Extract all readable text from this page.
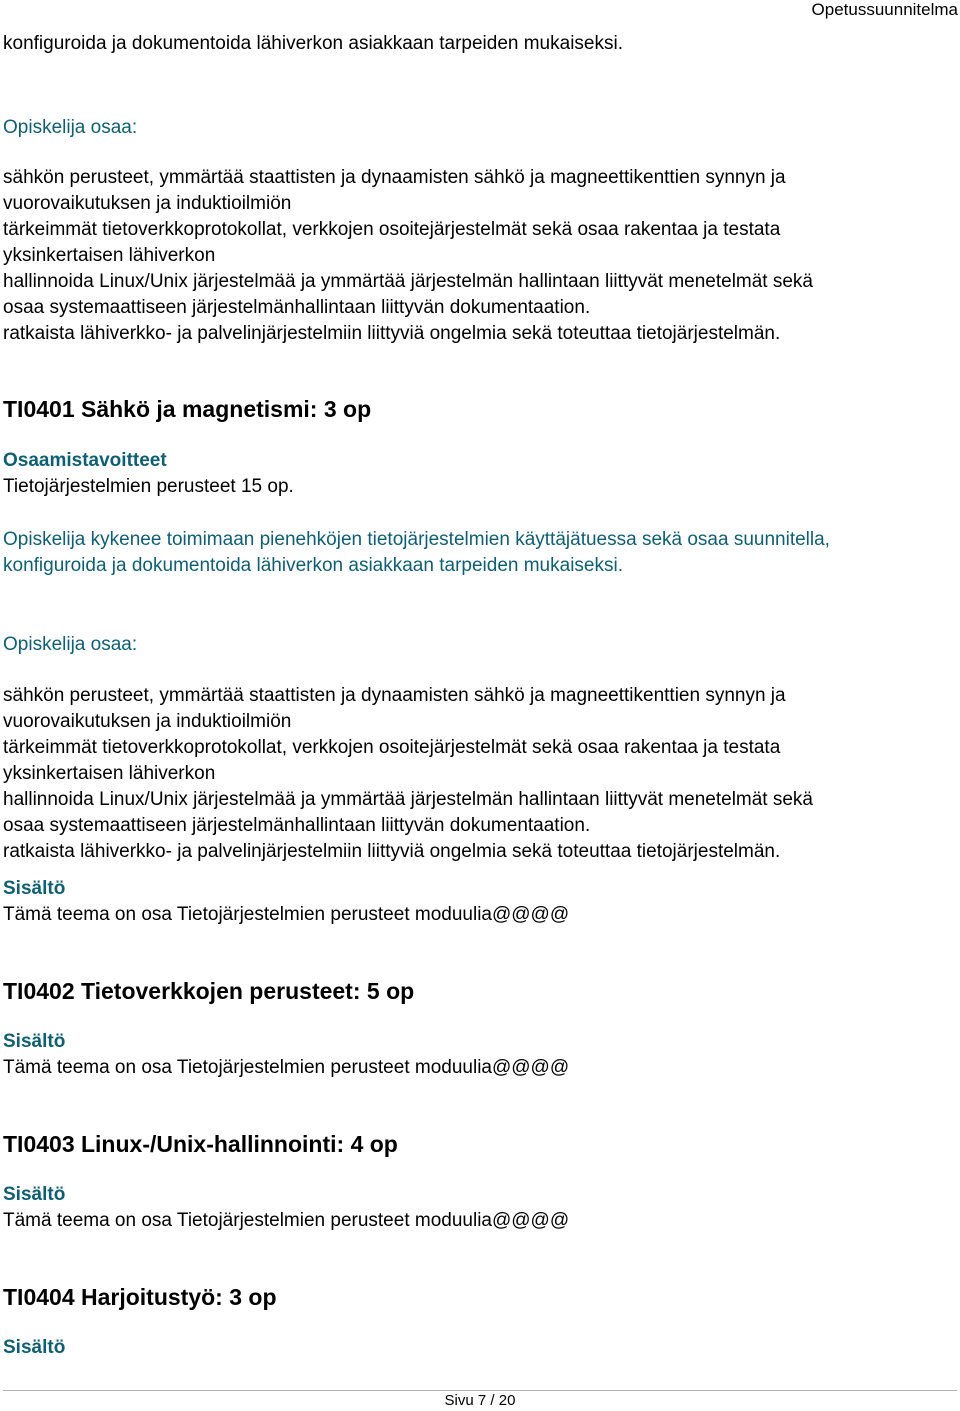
Opetussuunnitelma
konfiguroida ja dokumentoida lähiverkon asiakkaan tarpeiden mukaiseksi.
Opiskelija osaa:
sähkön perusteet, ymmärtää staattisten ja dynaamisten sähkö ja magneettikenttien synnyn ja
vuorovaikutuksen ja induktioilmiön
tärkeimmät tietoverkkoprotokollat, verkkojen osoitejärjestelmät sekä osaa rakentaa ja testata
yksinkertaisen lähiverkon
hallinnoida Linux/Unix järjestelmää ja ymmärtää järjestelmän hallintaan liittyvät menetelmät sekä
osaa systemaattiseen järjestelmänhallintaan liittyvän dokumentaation.
ratkaista lähiverkko- ja palvelinjärjestelmiin liittyviä ongelmia sekä toteuttaa tietojärjestelmän.
TI0401 Sähkö ja magnetismi: 3 op
Osaamistavoitteet
Tietojärjestelmien perusteet 15 op.
Opiskelija kykenee toimimaan pienehköjen tietojärjestelmien käyttäjätuessa sekä osaa suunnitella,
konfiguroida ja dokumentoida lähiverkon asiakkaan tarpeiden mukaiseksi.
Opiskelija osaa:
sähkön perusteet, ymmärtää staattisten ja dynaamisten sähkö ja magneettikenttien synnyn ja
vuorovaikutuksen ja induktioilmiön
tärkeimmät tietoverkkoprotokollat, verkkojen osoitejärjestelmät sekä osaa rakentaa ja testata
yksinkertaisen lähiverkon
hallinnoida Linux/Unix järjestelmää ja ymmärtää järjestelmän hallintaan liittyvät menetelmät sekä
osaa systemaattiseen järjestelmänhallintaan liittyvän dokumentaation.
ratkaista lähiverkko- ja palvelinjärjestelmiin liittyviä ongelmia sekä toteuttaa tietojärjestelmän.
Sisältö
Tämä teema on osa Tietojärjestelmien perusteet moduulia@@@@
TI0402 Tietoverkkojen perusteet: 5 op
Sisältö
Tämä teema on osa Tietojärjestelmien perusteet moduulia@@@@
TI0403 Linux-/Unix-hallinnointi: 4 op
Sisältö
Tämä teema on osa Tietojärjestelmien perusteet moduulia@@@@
TI0404 Harjoitustyö: 3 op
Sisältö
Sivu 7 / 20
